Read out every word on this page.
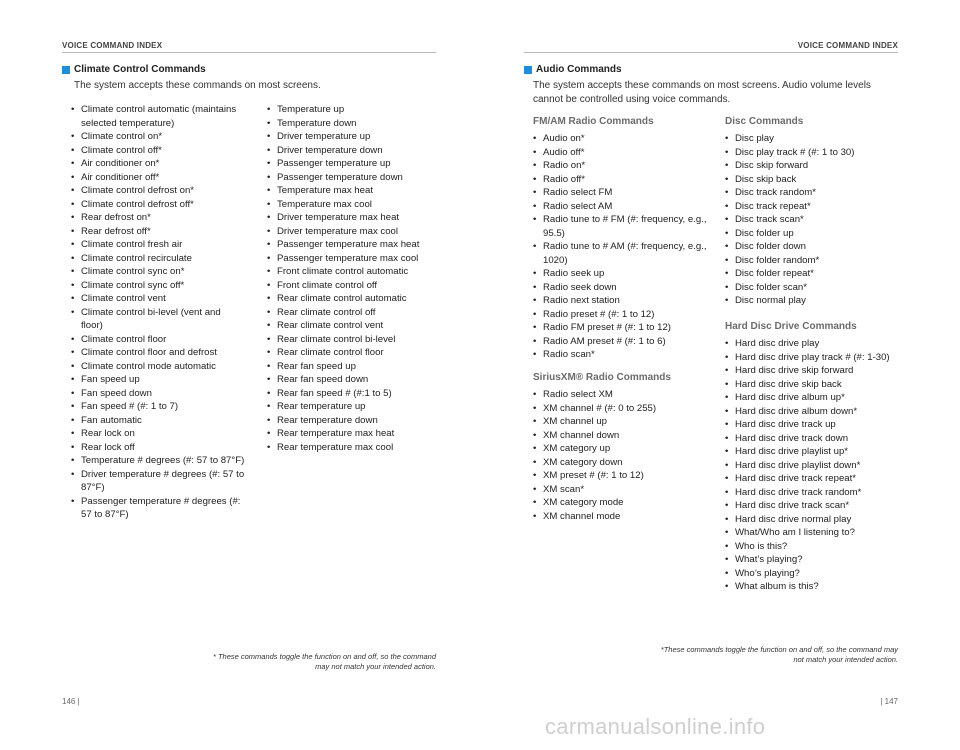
VOICE COMMAND INDEX
Climate Control Commands
The system accepts these commands on most screens.
• Climate control automatic (maintains selected temperature)
• Climate control on*
• Climate control off*
• Air conditioner on*
• Air conditioner off*
• Climate control defrost on*
• Climate control defrost off*
• Rear defrost on*
• Rear defrost off*
• Climate control fresh air
• Climate control recirculate
• Climate control sync on*
• Climate control sync off*
• Climate control vent
• Climate control bi-level (vent and floor)
• Climate control floor
• Climate control floor and defrost
• Climate control mode automatic
• Fan speed up
• Fan speed down
• Fan speed # (#: 1 to 7)
• Fan automatic
• Rear lock on
• Rear lock off
• Temperature # degrees (#: 57 to 87°F)
• Driver temperature # degrees (#: 57 to 87°F)
• Passenger temperature # degrees (#: 57 to 87°F)
• Temperature up
• Temperature down
• Driver temperature up
• Driver temperature down
• Passenger temperature up
• Passenger temperature down
• Temperature max heat
• Temperature max cool
• Driver temperature max heat
• Driver temperature max cool
• Passenger temperature max heat
• Passenger temperature max cool
• Front climate control automatic
• Front climate control off
• Rear climate control automatic
• Rear climate control off
• Rear climate control vent
• Rear climate control bi-level
• Rear climate control floor
• Rear fan speed up
• Rear fan speed down
• Rear fan speed # (#:1 to 5)
• Rear temperature up
• Rear temperature down
• Rear temperature max heat
• Rear temperature max cool
* These commands toggle the function on and off, so the command may not match your intended action.
146 |
VOICE COMMAND INDEX
Audio Commands
The system accepts these commands on most screens. Audio volume levels cannot be controlled using voice commands.
FM/AM Radio Commands
• Audio on*
• Audio off*
• Radio on*
• Radio off*
• Radio select FM
• Radio select AM
• Radio tune to # FM (#: frequency, e.g., 95.5)
• Radio tune to # AM (#: frequency, e.g., 1020)
• Radio seek up
• Radio seek down
• Radio next station
• Radio preset # (#: 1 to 12)
• Radio FM preset # (#: 1 to 12)
• Radio AM preset # (#: 1 to 6)
• Radio scan*
SiriusXM® Radio Commands
• Radio select XM
• XM channel # (#: 0 to 255)
• XM channel up
• XM channel down
• XM category up
• XM category down
• XM preset # (#: 1 to 12)
• XM scan*
• XM category mode
• XM channel mode
Disc Commands
• Disc play
• Disc play track # (#: 1 to 30)
• Disc skip forward
• Disc skip back
• Disc track random*
• Disc track repeat*
• Disc track scan*
• Disc folder up
• Disc folder down
• Disc folder random*
• Disc folder repeat*
• Disc folder scan*
• Disc normal play
Hard Disc Drive Commands
• Hard disc drive play
• Hard disc drive play track # (#: 1-30)
• Hard disc drive skip forward
• Hard disc drive skip back
• Hard disc drive album up*
• Hard disc drive album down*
• Hard disc drive track up
• Hard disc drive track down
• Hard disc drive playlist up*
• Hard disc drive playlist down*
• Hard disc drive track repeat*
• Hard disc drive track random*
• Hard disc drive track scan*
• Hard disc drive normal play
• What/Who am I listening to?
• Who is this?
• What’s playing?
• Who’s playing?
• What album is this?
*These commands toggle the function on and off, so the command may not match your intended action.
| 147
carmanualsonline.info
